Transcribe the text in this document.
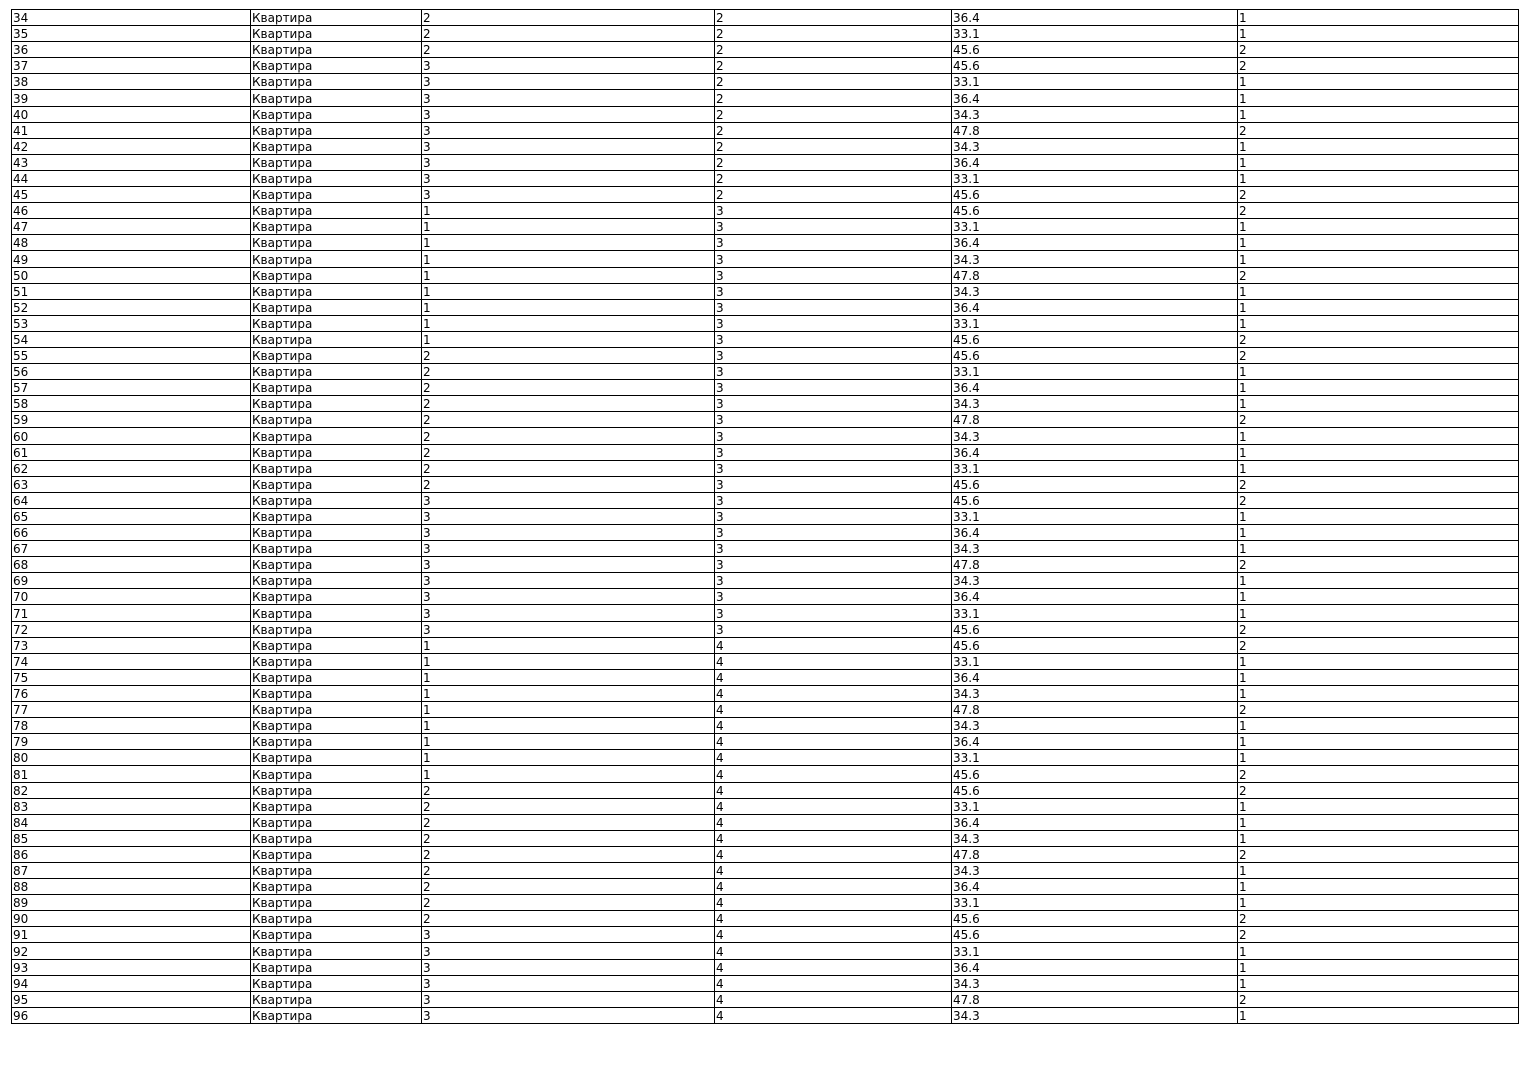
34	Квартира	2	2	36.4	1
35	Квартира	2	2	33.1	1
36	Квартира	2	2	45.6	2
37	Квартира	3	2	45.6	2
38	Квартира	3	2	33.1	1
39	Квартира	3	2	36.4	1
40	Квартира	3	2	34.3	1
41	Квартира	3	2	47.8	2
42	Квартира	3	2	34.3	1
43	Квартира	3	2	36.4	1
44	Квартира	3	2	33.1	1
45	Квартира	3	2	45.6	2
46	Квартира	1	3	45.6	2
47	Квартира	1	3	33.1	1
48	Квартира	1	3	36.4	1
49	Квартира	1	3	34.3	1
50	Квартира	1	3	47.8	2
51	Квартира	1	3	34.3	1
52	Квартира	1	3	36.4	1
53	Квартира	1	3	33.1	1
54	Квартира	1	3	45.6	2
55	Квартира	2	3	45.6	2
56	Квартира	2	3	33.1	1
57	Квартира	2	3	36.4	1
58	Квартира	2	3	34.3	1
59	Квартира	2	3	47.8	2
60	Квартира	2	3	34.3	1
61	Квартира	2	3	36.4	1
62	Квартира	2	3	33.1	1
63	Квартира	2	3	45.6	2
64	Квартира	3	3	45.6	2
65	Квартира	3	3	33.1	1
66	Квартира	3	3	36.4	1
67	Квартира	3	3	34.3	1
68	Квартира	3	3	47.8	2
69	Квартира	3	3	34.3	1
70	Квартира	3	3	36.4	1
71	Квартира	3	3	33.1	1
72	Квартира	3	3	45.6	2
73	Квартира	1	4	45.6	2
74	Квартира	1	4	33.1	1
75	Квартира	1	4	36.4	1
76	Квартира	1	4	34.3	1
77	Квартира	1	4	47.8	2
78	Квартира	1	4	34.3	1
79	Квартира	1	4	36.4	1
80	Квартира	1	4	33.1	1
81	Квартира	1	4	45.6	2
82	Квартира	2	4	45.6	2
83	Квартира	2	4	33.1	1
84	Квартира	2	4	36.4	1
85	Квартира	2	4	34.3	1
86	Квартира	2	4	47.8	2
87	Квартира	2	4	34.3	1
88	Квартира	2	4	36.4	1
89	Квартира	2	4	33.1	1
90	Квартира	2	4	45.6	2
91	Квартира	3	4	45.6	2
92	Квартира	3	4	33.1	1
93	Квартира	3	4	36.4	1
94	Квартира	3	4	34.3	1
95	Квартира	3	4	47.8	2
96	Квартира	3	4	34.3	1
